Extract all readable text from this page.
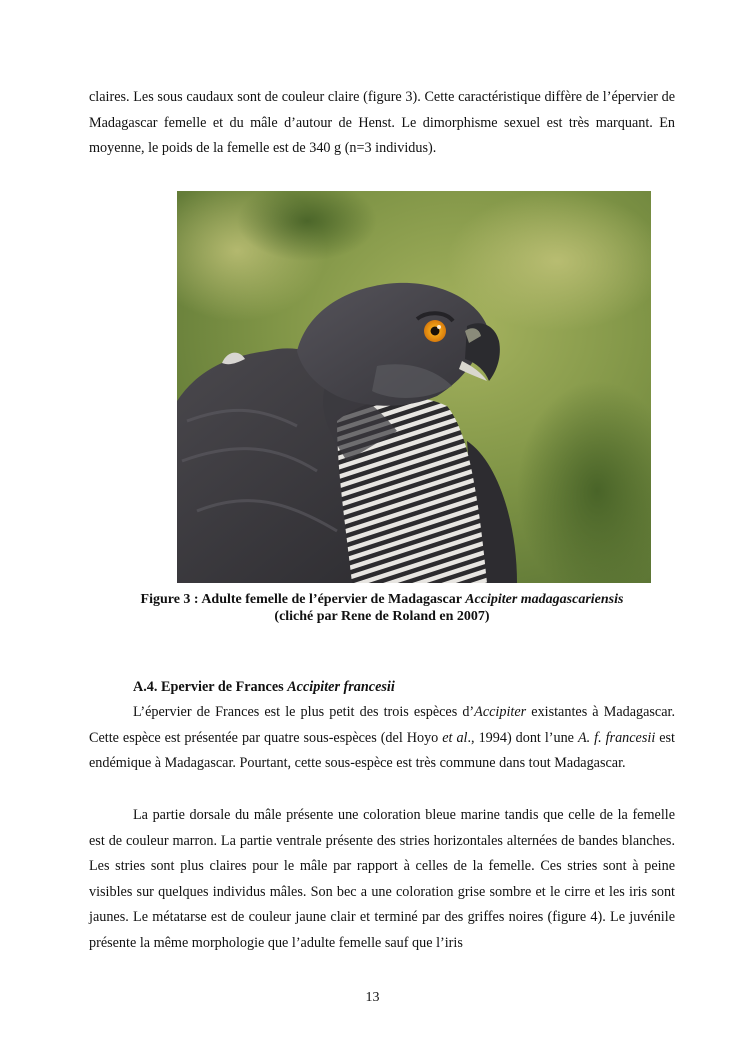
claires. Les sous caudaux sont de couleur claire (figure 3). Cette caractéristique diffère de l’épervier de Madagascar femelle et du mâle d’autour de Henst. Le dimorphisme sexuel est très marquant. En moyenne, le poids de la femelle est de 340 g (n=3 individus).

Figure 3 : Adulte femelle de l’épervier de Madagascar Accipiter madagascariensis
(cliché par Rene de Roland en 2007)
A.4. Epervier de Frances Accipiter francesii

L’épervier de Frances est le plus petit des trois espèces d’Accipiter existantes à Madagascar. Cette espèce est présentée par quatre sous-espèces (del Hoyo et al., 1994) dont l’une A. f. francesii est endémique à Madagascar. Pourtant, cette sous-espèce est très commune dans tout Madagascar.

La partie dorsale du mâle présente une coloration bleue marine tandis que celle de la femelle est de couleur marron. La partie ventrale présente des stries horizontales alternées de bandes blanches. Les stries sont plus claires pour le mâle par rapport à celles de la femelle. Ces stries sont à peine visibles sur quelques individus mâles. Son bec a une coloration grise sombre et le cirre et les iris sont jaunes. Le métatarse est de couleur jaune clair et terminé par des griffes noires (figure 4). Le juvénile présente la même morphologie que l’adulte femelle sauf que l’iris

13
